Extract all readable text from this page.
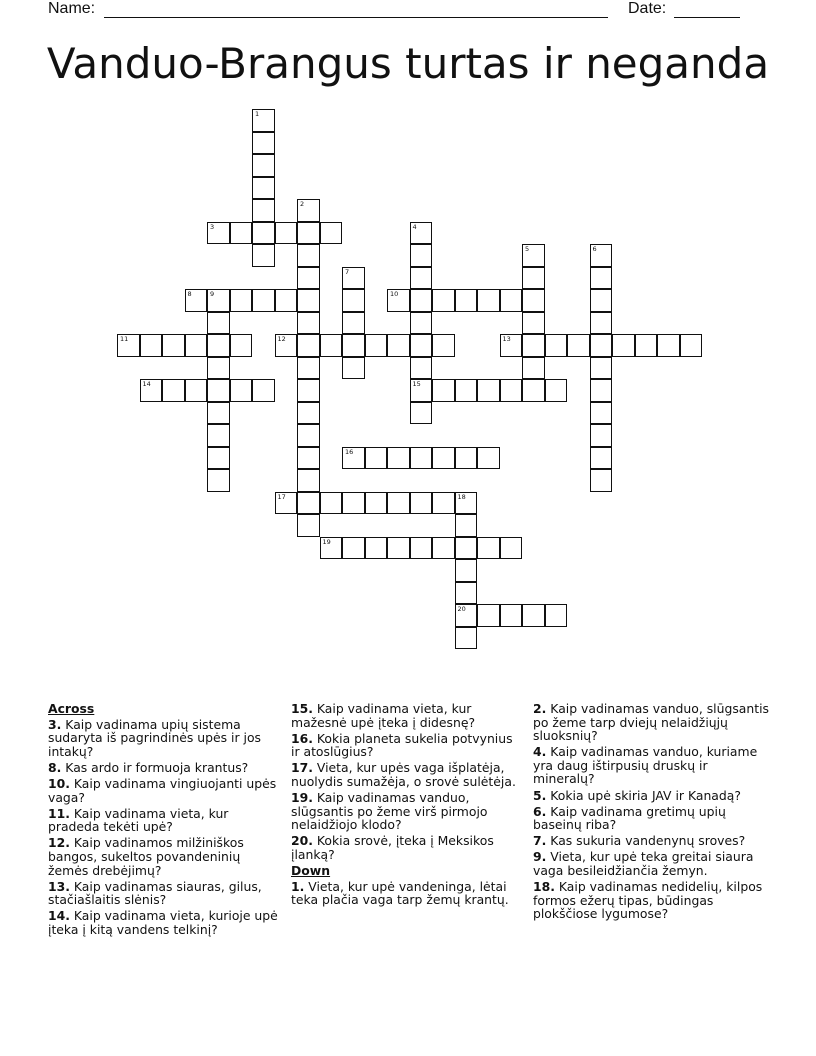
Name:	Date:
Vanduo-Brangus turtas ir neganda
1
2
3	4
15
5	6
7
8	9	10
11	12	13
14
16
17	18
20
19
Across
3. Kaip vadinama upių sistema sudaryta iš pagrindinės upės ir jos intakų?
8. Kas ardo ir formuoja krantus?
10. Kaip vadinama vingiuojanti upės vaga?
11. Kaip vadinama vieta, kur pradeda tekėti upė?
12. Kaip vadinamos milžiniškos bangos, sukeltos povandeninių žemės drebėjimų?
13. Kaip vadinamas siauras, gilus, stačiašlaitis slėnis?
14. Kaip vadinama vieta, kurioje upė įteka į kitą vandens telkinį?
15. Kaip vadinama vieta, kur mažesnė upė įteka į didesnę?
16. Kokia planeta sukelia potvynius ir atoslūgius?
17. Vieta, kur upės vaga išplatėja, nuolydis sumažėja, o srovė sulėtėja.
19. Kaip vadinamas vanduo, slūgsantis po žeme virš pirmojo nelaidžiojo klodo?
20. Kokia srovė, įteka į Meksikos įlanką?
Down
1. Vieta, kur upė vandeninga, lėtai teka plačia vaga tarp žemų krantų.
2. Kaip vadinamas vanduo, slūgsantis po žeme tarp dviejų nelaidžiųjų sluoksnių?
4. Kaip vadinamas vanduo, kuriame yra daug ištirpusių druskų ir mineralų?
5. Kokia upė skiria JAV ir Kanadą?
6. Kaip vadinama gretimų upių baseinų riba?
7. Kas sukuria vandenynų sroves?
9. Vieta, kur upė teka greitai siaura vaga besileidžiančia žemyn.
18. Kaip vadinamas nedidelių, kilpos formos ežerų tipas, būdingas plokščiose lygumose?
